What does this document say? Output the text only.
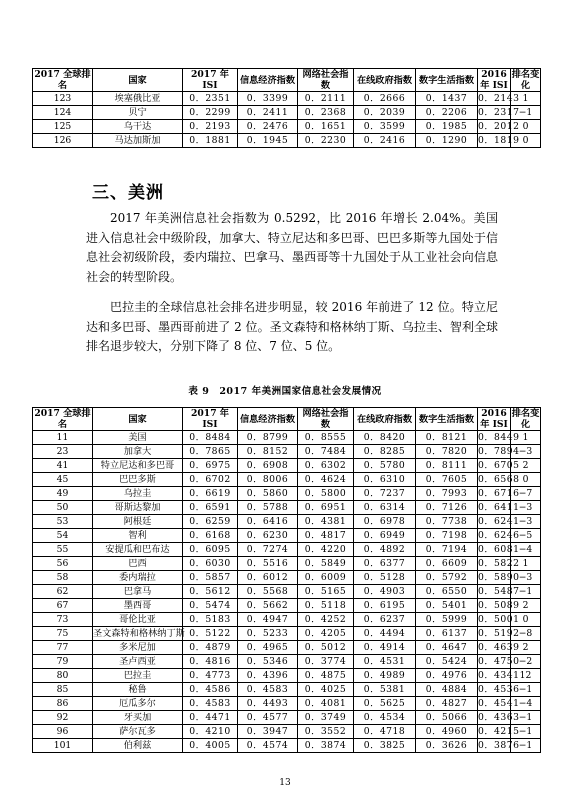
2017 全球排名	国家	2017 年 ISI	信息经济指数	网络社会指数	在线政府指数	数字生活指数	2016 年 ISI	排名变化
123	埃塞俄比亚	0．2351	0．3399	0．2111	0．2666	0．1437	0．2143	1
124	贝宁	0．2299	0．2411	0．2368	0．2039	0．2206	0．2317	−1
125	乌干达	0．2193	0．2476	0．1651	0．3599	0．1985	0．2012	0
126	马达加斯加	0．1881	0．1945	0．2230	0．2416	0．1290	0．1819	0
三、美洲

2017 年美洲信息社会指数为 0.5292，比 2016 年增长 2.04%。美国进入信息社会中级阶段，加拿大、特立尼达和多巴哥、巴巴多斯等九国处于信息社会初级阶段，委内瑞拉、巴拿马、墨西哥等十九国处于从工业社会向信息社会的转型阶段。

巴拉圭的全球信息社会排名进步明显，较 2016 年前进了 12 位。特立尼达和多巴哥、墨西哥前进了 2 位。圣文森特和格林纳丁斯、乌拉圭、智利全球排名退步较大，分别下降了 8 位、7 位、5 位。

表 9　2017 年美洲国家信息社会发展情况
2017 全球排名	国家	2017 年 ISI	信息经济指数	网络社会指数	在线政府指数	数字生活指数	2016 年 ISI	排名变化
11	美国	0．8484	0．8799	0．8555	0．8420	0．8121	0．8449	1
23	加拿大	0．7865	0．8152	0．7484	0．8285	0．7820	0．7894	−3
41	特立尼达和多巴哥	0．6975	0．6908	0．6302	0．5780	0．8111	0．6705	2
45	巴巴多斯	0．6702	0．8006	0．4624	0．6310	0．7605	0．6568	0
49	乌拉圭	0．6619	0．5860	0．5800	0．7237	0．7993	0．6716	−7
50	哥斯达黎加	0．6591	0．5788	0．6951	0．6314	0．7126	0．6411	−3
53	阿根廷	0．6259	0．6416	0．4381	0．6978	0．7738	0．6241	−3
54	智利	0．6168	0．6230	0．4817	0．6949	0．7198	0．6246	−5
55	安提瓜和巴布达	0．6095	0．7274	0．4220	0．4892	0．7194	0．6081	−4
56	巴西	0．6030	0．5516	0．5849	0．6377	0．6609	0．5822	1
58	委内瑞拉	0．5857	0．6012	0．6009	0．5128	0．5792	0．5890	−3
62	巴拿马	0．5612	0．5568	0．5165	0．4903	0．6550	0．5487	−1
67	墨西哥	0．5474	0．5662	0．5118	0．6195	0．5401	0．5089	2
73	哥伦比亚	0．5183	0．4947	0．4252	0．6237	0．5999	0．5001	0
75	圣文森特和格林纳丁斯	0．5122	0．5233	0．4205	0．4494	0．6137	0．5192	−8
77	多米尼加	0．4879	0．4965	0．5012	0．4914	0．4647	0．4639	2
79	圣卢西亚	0．4816	0．5346	0．3774	0．4531	0．5424	0．4750	−2
80	巴拉圭	0．4773	0．4396	0．4875	0．4989	0．4976	0．4341	12
85	秘鲁	0．4586	0．4583	0．4025	0．5381	0．4884	0．4536	−1
86	厄瓜多尔	0．4583	0．4493	0．4081	0．5625	0．4827	0．4541	−4
92	牙买加	0．4471	0．4577	0．3749	0．4534	0．5066	0．4363	−1
96	萨尔瓦多	0．4210	0．3947	0．3552	0．4718	0．4960	0．4215	−1
101	伯利兹	0．4005	0．4574	0．3874	0．3825	0．3626	0．3876	−1
13
